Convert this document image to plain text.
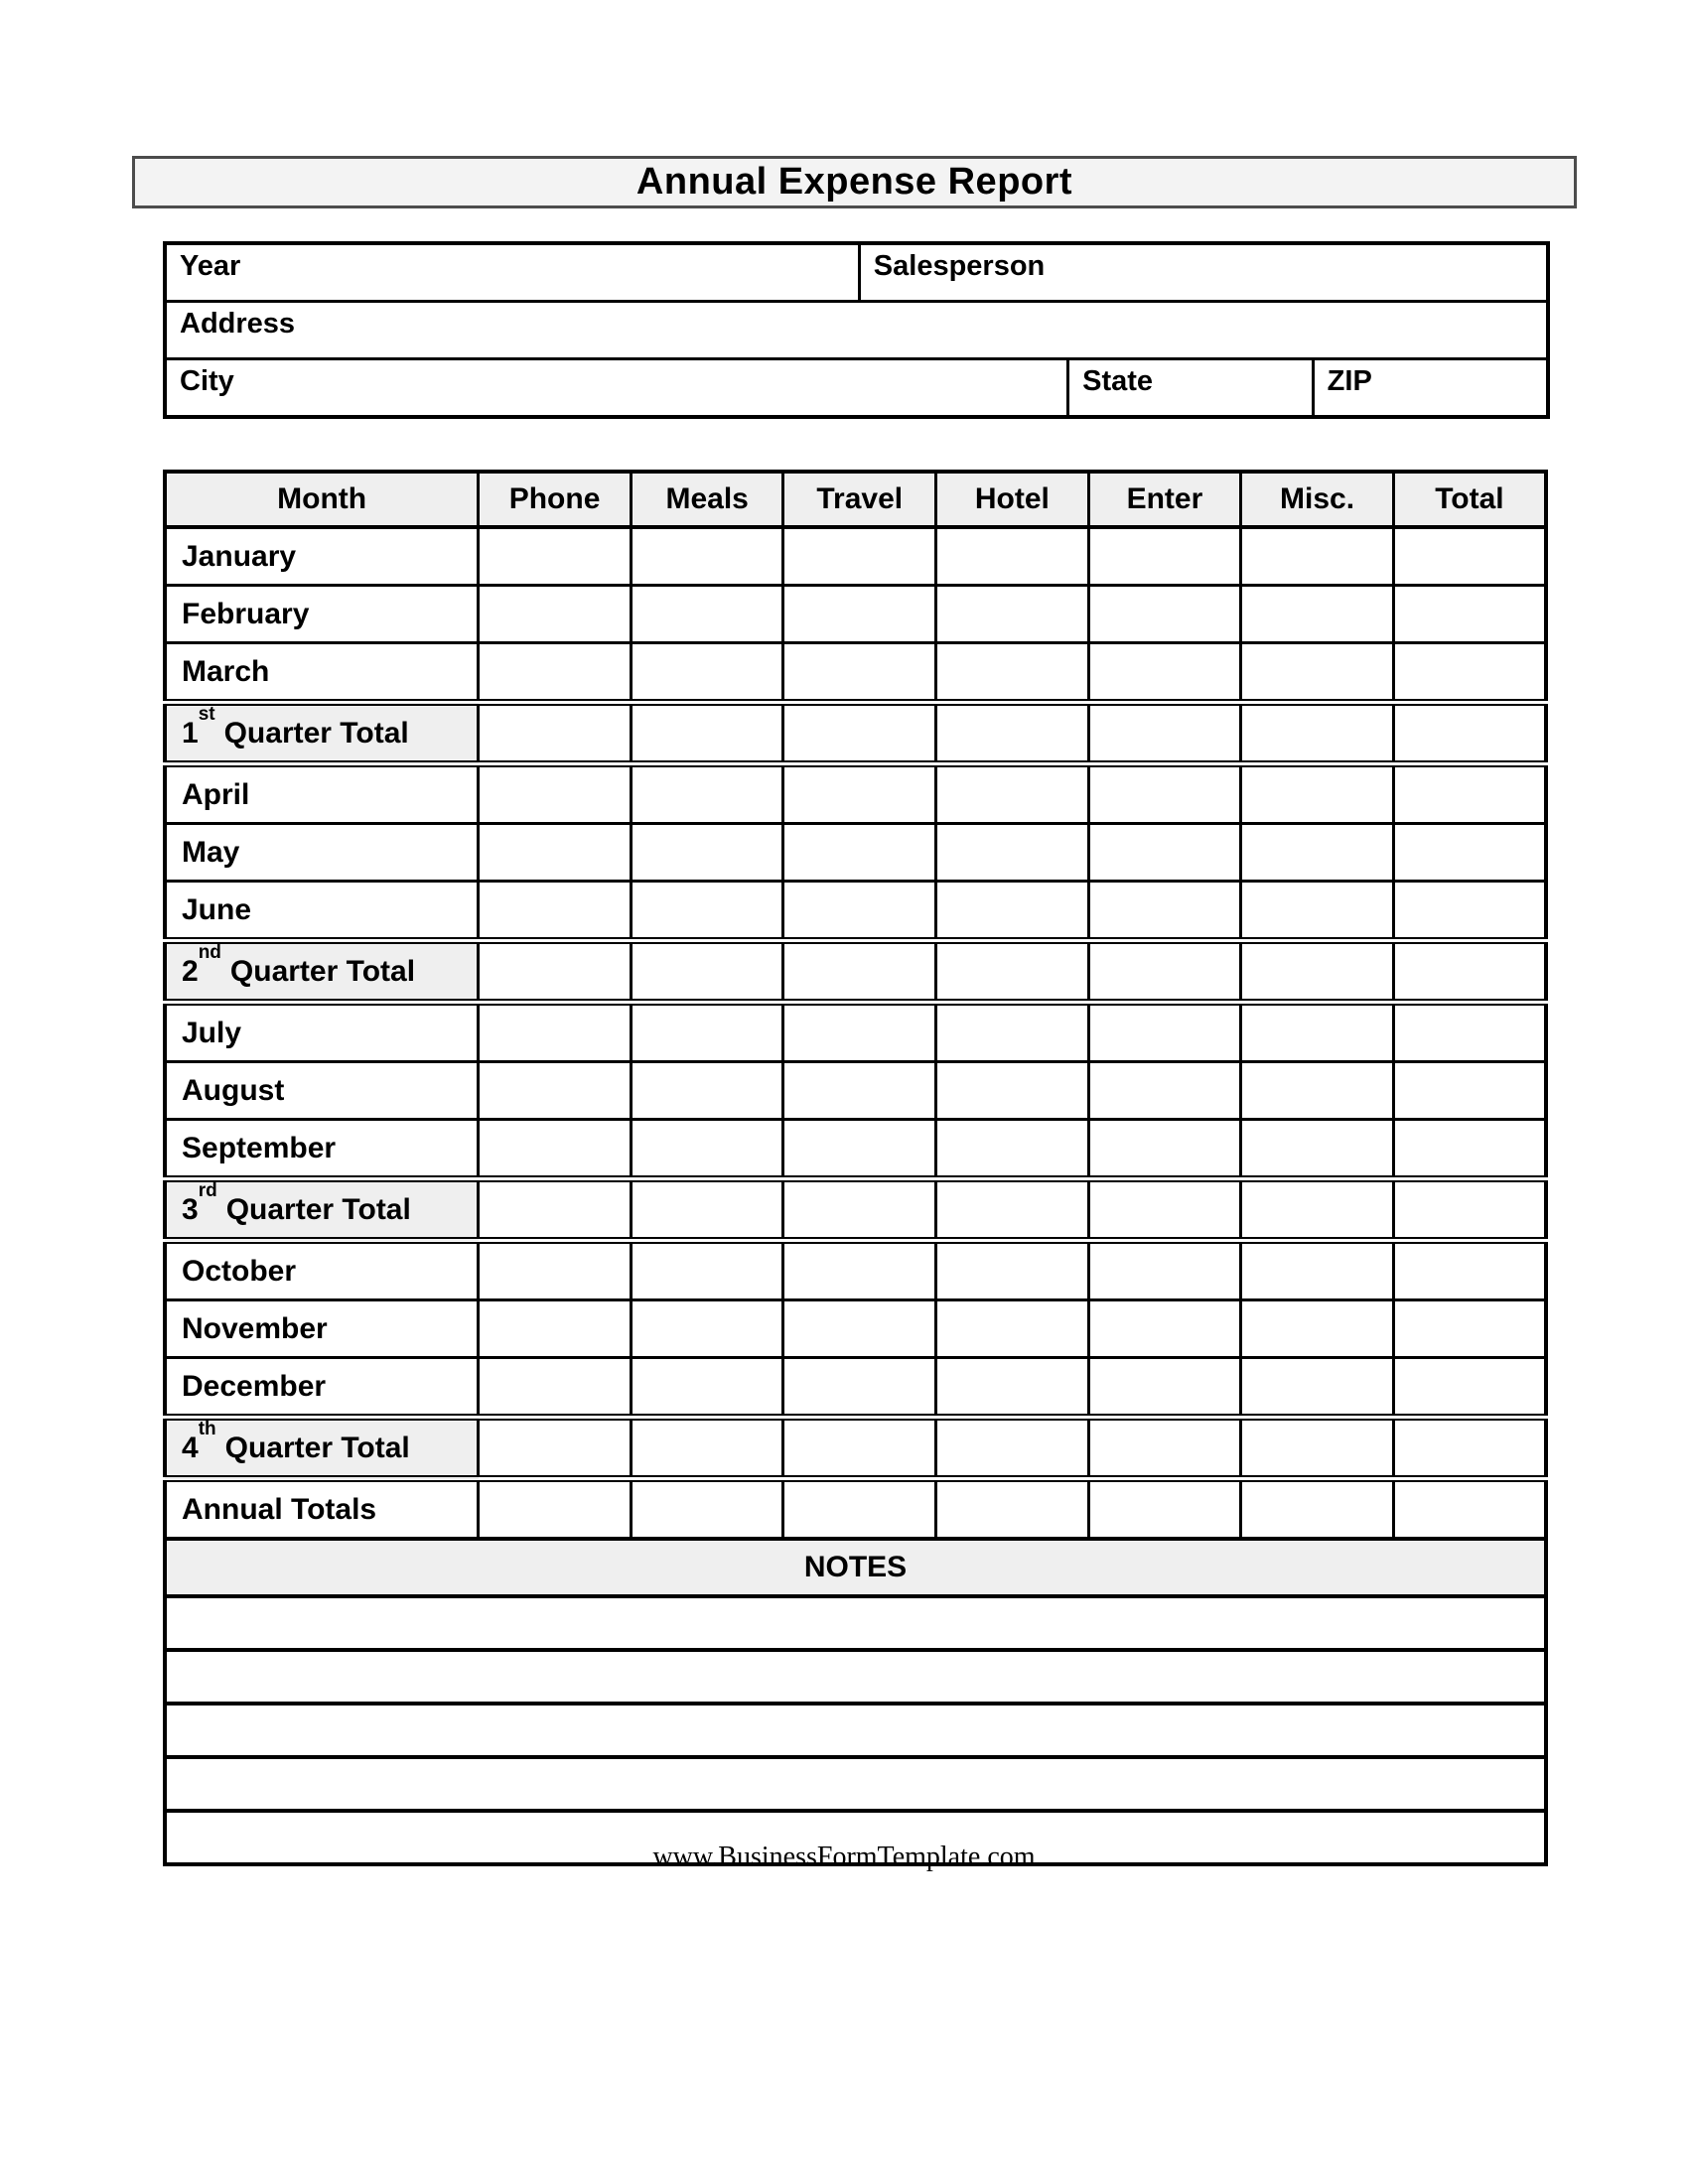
Annual Expense Report
Year	Salesperson		
Address			
City		State	ZIP
Month	Phone	Meals	Travel	Hotel	Enter	Misc.	Total
January							
February							
March							
1stQuarter Total							
April							
May							
June							
2ndQuarter Total							
July							
August							
September							
3rdQuarter Total							
October							
November							
December							
4thQuarter Total							
Annual Totals							
NOTES							

www.BusinessFormTemplate.com
